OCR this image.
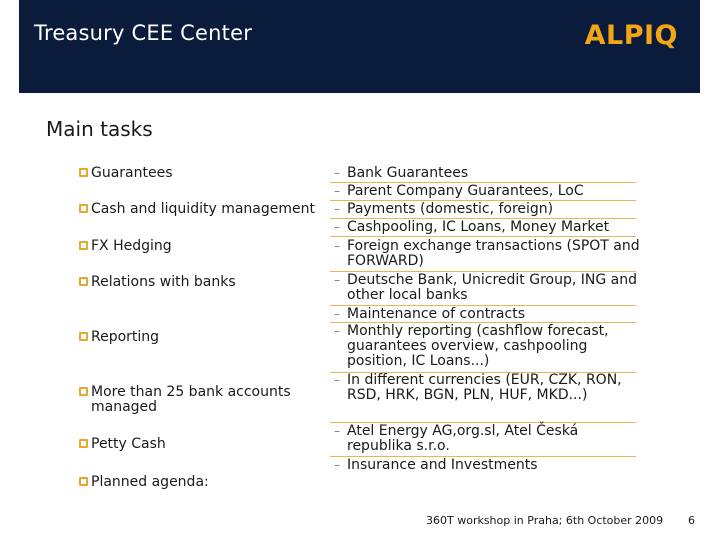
Treasury CEE Center	ALPIQ
Main tasks
Guarantees
Cash and liquidity management
FX Hedging
Relations with banks
Reporting
More than 25 bank accounts managed
Petty Cash
Planned agenda:
– Bank Guarantees
– Parent Company Guarantees, LoC
– Payments (domestic, foreign)
– Cashpooling, IC Loans, Money Market
– Foreign exchange transactions (SPOT and FORWARD)
– Deutsche Bank, Unicredit Group, ING and other local banks
– Maintenance of contracts
– Monthly reporting (cashflow forecast, guarantees overview, cashpooling position, IC Loans...)
– In different currencies (EUR, CZK, RON, RSD, HRK, BGN, PLN, HUF, MKD...)
– Atel Energy AG,org.sl, Atel Česká republika s.r.o.
– Insurance and Investments
360T workshop in Praha; 6th October 2009 6
